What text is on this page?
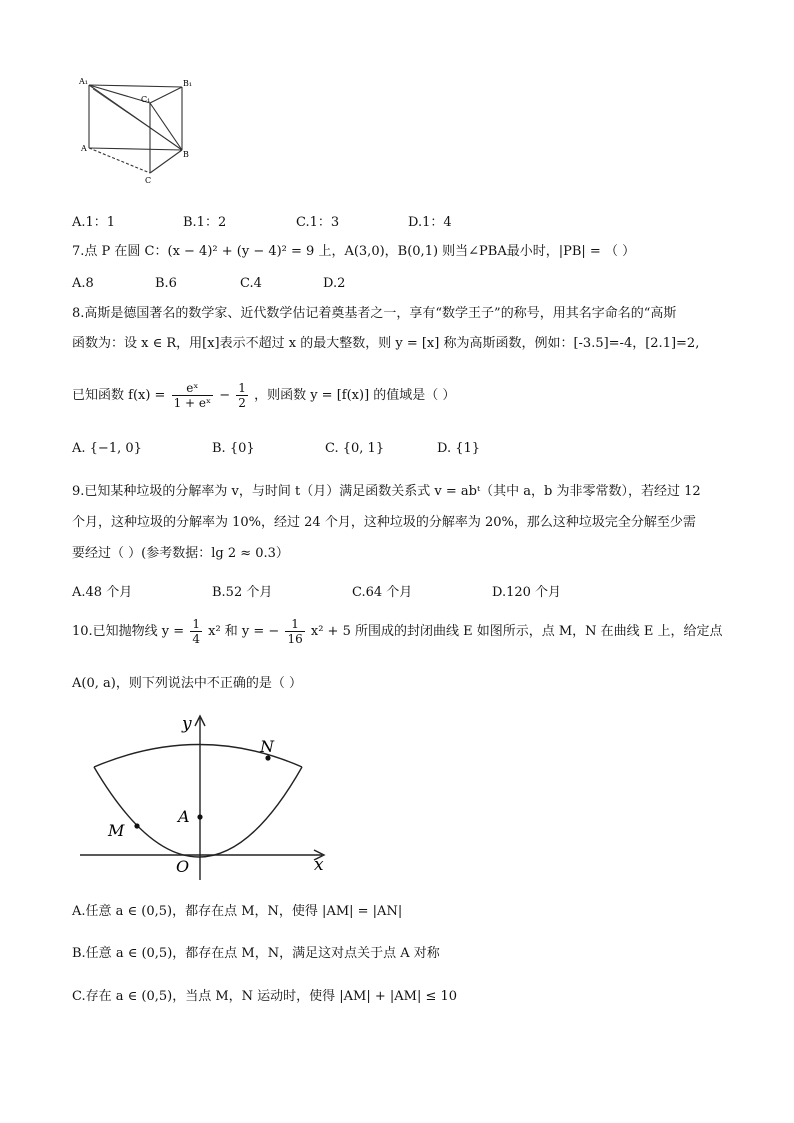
A₁	B₁
C₁
A
B
C
A.1：1	B.1：2	C.1：3	D.1：4
7.点 P 在圆 C：(x − 4)² + (y − 4)² = 9 上，A(3,0)，B(0,1) 则当∠PBA最小时，|PB| = （ ）
A.8	B.6	C.4	D.2
8.高斯是德国著名的数学家、近代数学估记着奠基者之一，享有“数学王子”的称号，用其名字命名的“高斯
函数为：设 x ∈ R，用[x]表示不超过 x 的最大整数，则 y = [x] 称为高斯函数，例如：[-3.5]=-4，[2.1]=2,
已知函数 $f(x) = \frac{\text{eˣ}}{\text{1 + eˣ}} - \frac{1}{2}$ ，则函数 y = [f(x)] 的值域是（ ）
A. {−1, 0}	B. {0}	C. {0, 1}	D. {1}
9.已知某种垃圾的分解率为 v，与时间 t（月）满足函数关系式 v = abᵗ（其中 a，b 为非零常数），若经过 12
个月，这种垃圾的分解率为 10%，经过 24 个月，这种垃圾的分解率为 20%，那么这种垃圾完全分解至少需
要经过（ ）(参考数据：lg 2 ≈ 0.3）
A.48 个月	B.52 个月	C.64 个月	D.120 个月
10.已知抛物线 $y = \frac{1}{4} x^2$ 和 y = − $\frac{1}{16} x^2 + 5$ 所围成的封闭曲线 E 如图所示，点 M，N 在曲线 E 上，给定点
A(0, a)，则下列说法中不正确的是（ ）
y
x
O
A
M
N
A.任意 a ∈ (0,5)，都存在点 M，N，使得 |AM| = |AN|
B.任意 a ∈ (0,5)，都存在点 M，N，满足这对点关于点 A 对称
C.存在 a ∈ (0,5)，当点 M，N 运动时，使得 |AM| + |AM| ≤ 10
